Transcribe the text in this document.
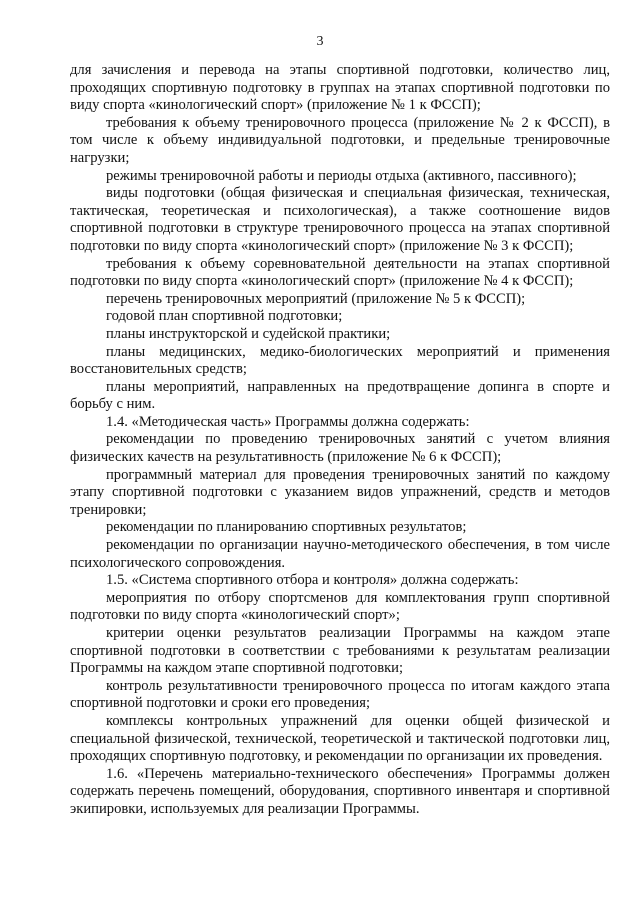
3

для зачисления и перевода на этапы спортивной подготовки, количество лиц, проходящих спортивную подготовку в группах на этапах спортивной подготовки по виду спорта «кинологический спорт» (приложение № 1 к ФССП);

требования к объему тренировочного процесса (приложение № 2 к ФССП), в том числе к объему индивидуальной подготовки, и предельные тренировочные нагрузки;

режимы тренировочной работы и периоды отдыха (активного, пассивного);

виды подготовки (общая физическая и специальная физическая, техническая, тактическая, теоретическая и психологическая), а также соотношение видов спортивной подготовки в структуре тренировочного процесса на этапах спортивной подготовки по виду спорта «кинологический спорт» (приложение № 3 к ФССП);

требования к объему соревновательной деятельности на этапах спортивной подготовки по виду спорта «кинологический спорт» (приложение № 4 к ФССП);

перечень тренировочных мероприятий (приложение № 5 к ФССП);

годовой план спортивной подготовки;

планы инструкторской и судейской практики;

планы медицинских, медико-биологических мероприятий и применения восстановительных средств;

планы мероприятий, направленных на предотвращение допинга в спорте и борьбу с ним.

1.4. «Методическая часть» Программы должна содержать:

рекомендации по проведению тренировочных занятий с учетом влияния физических качеств на результативность (приложение № 6 к ФССП);

программный материал для проведения тренировочных занятий по каждому этапу спортивной подготовки с указанием видов упражнений, средств и методов тренировки;

рекомендации по планированию спортивных результатов;

рекомендации по организации научно-методического обеспечения, в том числе психологического сопровождения.

1.5. «Система спортивного отбора и контроля» должна содержать:

мероприятия по отбору спортсменов для комплектования групп спортивной подготовки по виду спорта «кинологический спорт»;

критерии оценки результатов реализации Программы на каждом этапе спортивной подготовки в соответствии с требованиями к результатам реализации Программы на каждом этапе спортивной подготовки;

контроль результативности тренировочного процесса по итогам каждого этапа спортивной подготовки и сроки его проведения;

комплексы контрольных упражнений для оценки общей физической и специальной физической, технической, теоретической и тактической подготовки лиц, проходящих спортивную подготовку, и рекомендации по организации их проведения.

1.6. «Перечень материально-технического обеспечения» Программы должен содержать перечень помещений, оборудования, спортивного инвентаря и спортивной экипировки, используемых для реализации Программы.
